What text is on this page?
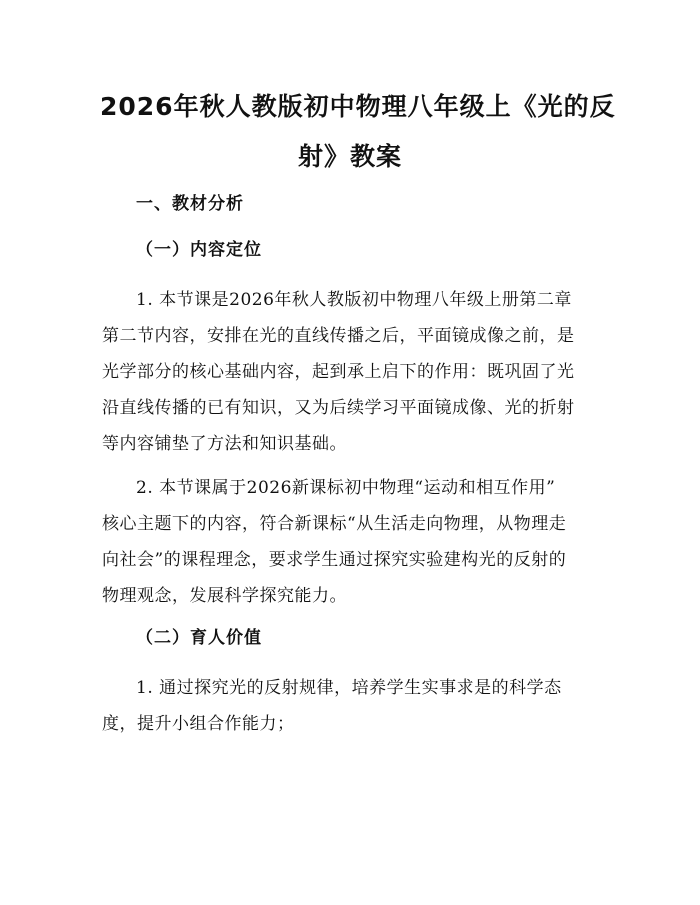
2026年秋人教版初中物理八年级上《光的反
射》教案
一、教材分析
（一）内容定位

1. 本节课是2026年秋人教版初中物理八年级上册第二章
第二节内容，安排在光的直线传播之后，平面镜成像之前，是
光学部分的核心基础内容，起到承上启下的作用：既巩固了光
沿直线传播的已有知识，又为后续学习平面镜成像、光的折射
等内容铺垫了方法和知识基础。

2. 本节课属于2026新课标初中物理“运动和相互作用”
核心主题下的内容，符合新课标“从生活走向物理，从物理走
向社会”的课程理念，要求学生通过探究实验建构光的反射的
物理观念，发展科学探究能力。

（二）育人价值

1. 通过探究光的反射规律，培养学生实事求是的科学态
度，提升小组合作能力；
